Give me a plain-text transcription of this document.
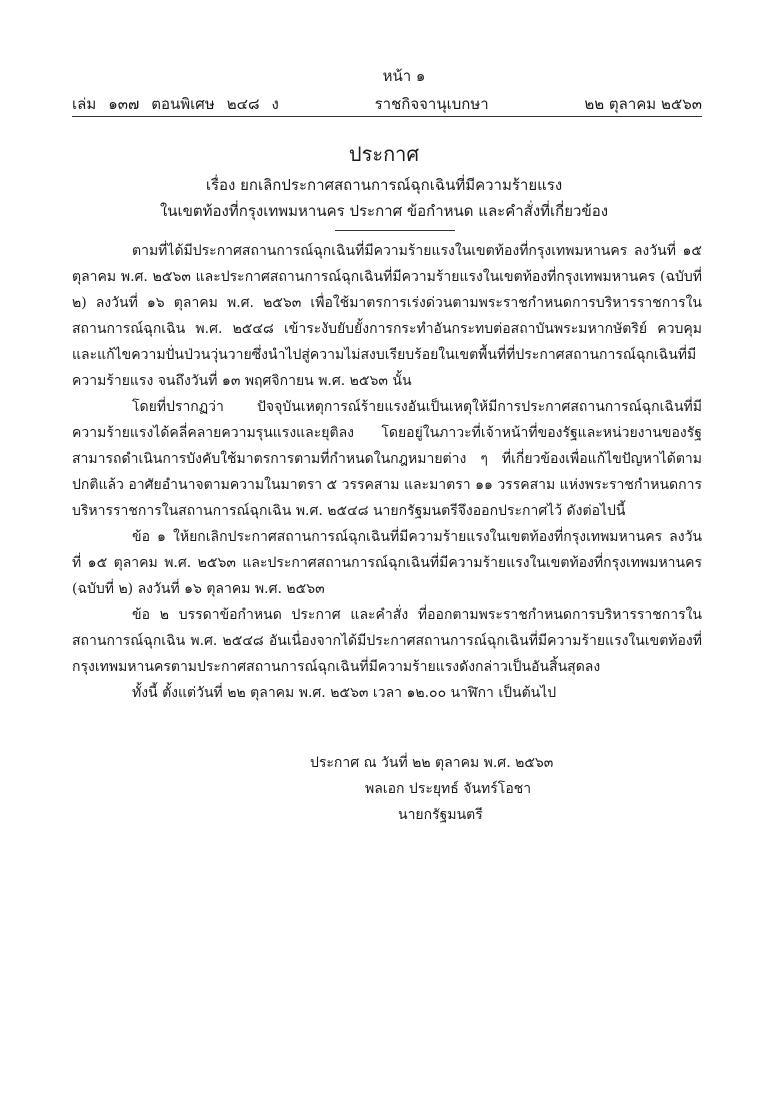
หน้า ๑
เล่ม ๑๓๗ ตอนพิเศษ ๒๔๘ ง	ราชกิจจานุเบกษา	๒๒ ตุลาคม ๒๕๖๓
ประกาศ
เรื่อง ยกเลิกประกาศสถานการณ์ฉุกเฉินที่มีความร้ายแรง
ในเขตท้องที่กรุงเทพมหานคร ประกาศ ข้อกำหนด และคำสั่งที่เกี่ยวข้อง

ตามที่ได้มีประกาศสถานการณ์ฉุกเฉินที่มีความร้ายแรงในเขตท้องที่กรุงเทพมหานคร ลงวันที่ ๑๕ ตุลาคม พ.ศ. ๒๕๖๓ และประกาศสถานการณ์ฉุกเฉินที่มีความร้ายแรงในเขตท้องที่กรุงเทพมหานคร (ฉบับที่ ๒) ลงวันที่ ๑๖ ตุลาคม พ.ศ. ๒๕๖๓ เพื่อใช้มาตรการเร่งด่วนตามพระราชกำหนดการบริหารราชการในสถานการณ์ฉุกเฉิน พ.ศ. ๒๕๔๘ เข้าระงับยับยั้งการกระทำอันกระทบต่อสถาบันพระมหากษัตริย์ ควบคุมและแก้ไขความปั่นป่วนวุ่นวายซึ่งนำไปสู่ความไม่สงบเรียบร้อยในเขตพื้นที่ที่ประกาศสถานการณ์ฉุกเฉินที่มีความร้ายแรง จนถึงวันที่ ๑๓ พฤศจิกายน พ.ศ. ๒๕๖๓ นั้น

โดยที่ปรากฏว่า ปัจจุบันเหตุการณ์ร้ายแรงอันเป็นเหตุให้มีการประกาศสถานการณ์ฉุกเฉินที่มีความร้ายแรงได้คลี่คลายความรุนแรงและยุติลง โดยอยู่ในภาวะที่เจ้าหน้าที่ของรัฐและหน่วยงานของรัฐสามารถดำเนินการบังคับใช้มาตรการตามที่กำหนดในกฎหมายต่าง ๆ ที่เกี่ยวข้องเพื่อแก้ไขปัญหาได้ตามปกติแล้ว อาศัยอำนาจตามความในมาตรา ๕ วรรคสาม และมาตรา ๑๑ วรรคสาม แห่งพระราชกำหนดการบริหารราชการในสถานการณ์ฉุกเฉิน พ.ศ. ๒๕๔๘ นายกรัฐมนตรีจึงออกประกาศไว้ ดังต่อไปนี้

ข้อ ๑ ให้ยกเลิกประกาศสถานการณ์ฉุกเฉินที่มีความร้ายแรงในเขตท้องที่กรุงเทพมหานคร ลงวันที่ ๑๕ ตุลาคม พ.ศ. ๒๕๖๓ และประกาศสถานการณ์ฉุกเฉินที่มีความร้ายแรงในเขตท้องที่กรุงเทพมหานคร (ฉบับที่ ๒) ลงวันที่ ๑๖ ตุลาคม พ.ศ. ๒๕๖๓

ข้อ ๒ บรรดาข้อกำหนด ประกาศ และคำสั่ง ที่ออกตามพระราชกำหนดการบริหารราชการในสถานการณ์ฉุกเฉิน พ.ศ. ๒๕๔๘ อันเนื่องจากได้มีประกาศสถานการณ์ฉุกเฉินที่มีความร้ายแรงในเขตท้องที่กรุงเทพมหานครตามประกาศสถานการณ์ฉุกเฉินที่มีความร้ายแรงดังกล่าวเป็นอันสิ้นสุดลง

ทั้งนี้ ตั้งแต่วันที่ ๒๒ ตุลาคม พ.ศ. ๒๕๖๓ เวลา ๑๒.๐๐ นาฬิกา เป็นต้นไป

ประกาศ ณ วันที่ ๒๒ ตุลาคม พ.ศ. ๒๕๖๓
พลเอก ประยุทธ์ จันทร์โอชา
นายกรัฐมนตรี
